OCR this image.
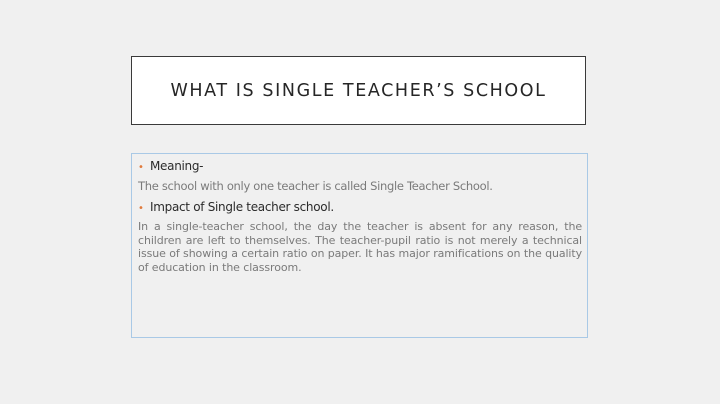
WHAT IS SINGLE TEACHER’S SCHOOL
• Meaning-
The school with only one teacher is called Single Teacher School.
• Impact of Single teacher school.
In a single-teacher school, the day the teacher is absent for any reason, the children are left to themselves. The teacher-pupil ratio is not merely a technical issue of showing a certain ratio on paper. It has major ramifications on the quality of education in the classroom.
